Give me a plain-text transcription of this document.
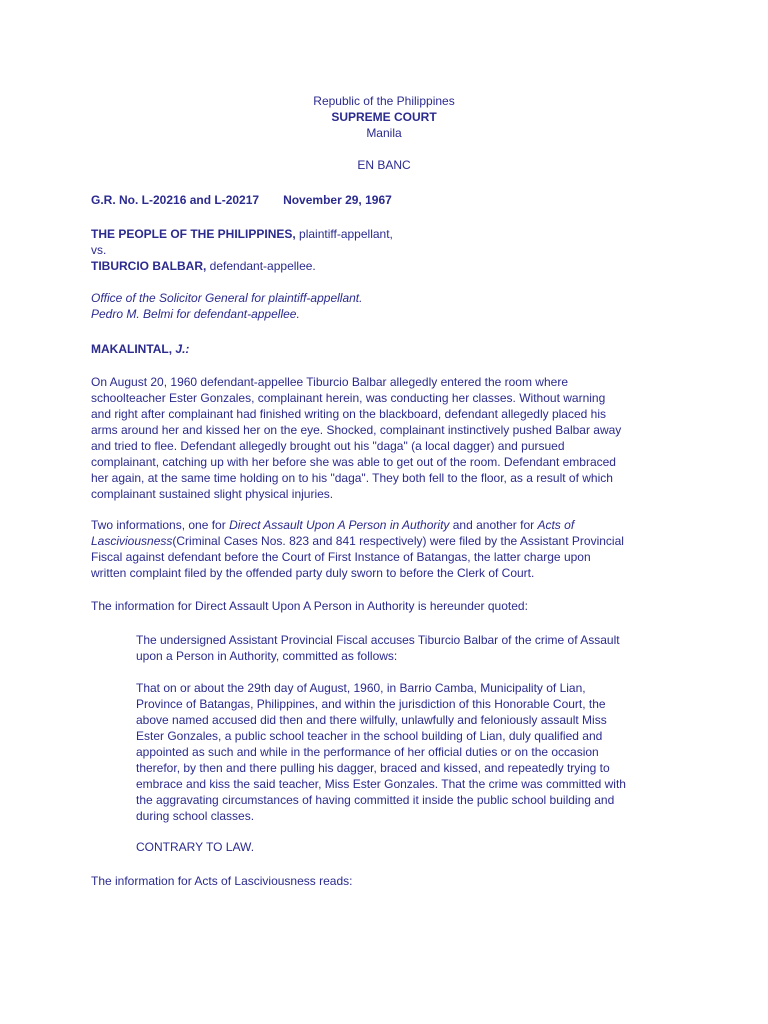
Republic of the Philippines
SUPREME COURT
Manila
EN BANC
G.R. No. L-20216 and L-20217 November 29, 1967
THE PEOPLE OF THE PHILIPPINES, plaintiff-appellant,
vs.
TIBURCIO BALBAR, defendant-appellee.
Office of the Solicitor General for plaintiff-appellant.
Pedro M. Belmi for defendant-appellee.
MAKALINTAL, J.:
On August 20, 1960 defendant-appellee Tiburcio Balbar allegedly entered the room where
schoolteacher Ester Gonzales, complainant herein, was conducting her classes. Without warning
and right after complainant had finished writing on the blackboard, defendant allegedly placed his
arms around her and kissed her on the eye. Shocked, complainant instinctively pushed Balbar away
and tried to flee. Defendant allegedly brought out his "daga" (a local dagger) and pursued
complainant, catching up with her before she was able to get out of the room. Defendant embraced
her again, at the same time holding on to his "daga". They both fell to the floor, as a result of which
complainant sustained slight physical injuries.
Two informations, one for Direct Assault Upon A Person in Authority and another for Acts of
Lasciviousness(Criminal Cases Nos. 823 and 841 respectively) were filed by the Assistant Provincial
Fiscal against defendant before the Court of First Instance of Batangas, the latter charge upon
written complaint filed by the offended party duly sworn to before the Clerk of Court.
The information for Direct Assault Upon A Person in Authority is hereunder quoted:
The undersigned Assistant Provincial Fiscal accuses Tiburcio Balbar of the crime of Assault
upon a Person in Authority, committed as follows:
That on or about the 29th day of August, 1960, in Barrio Camba, Municipality of Lian,
Province of Batangas, Philippines, and within the jurisdiction of this Honorable Court, the
above named accused did then and there wilfully, unlawfully and feloniously assault Miss
Ester Gonzales, a public school teacher in the school building of Lian, duly qualified and
appointed as such and while in the performance of her official duties or on the occasion
therefor, by then and there pulling his dagger, braced and kissed, and repeatedly trying to
embrace and kiss the said teacher, Miss Ester Gonzales. That the crime was committed with
the aggravating circumstances of having committed it inside the public school building and
during school classes.
CONTRARY TO LAW.
The information for Acts of Lasciviousness reads:
